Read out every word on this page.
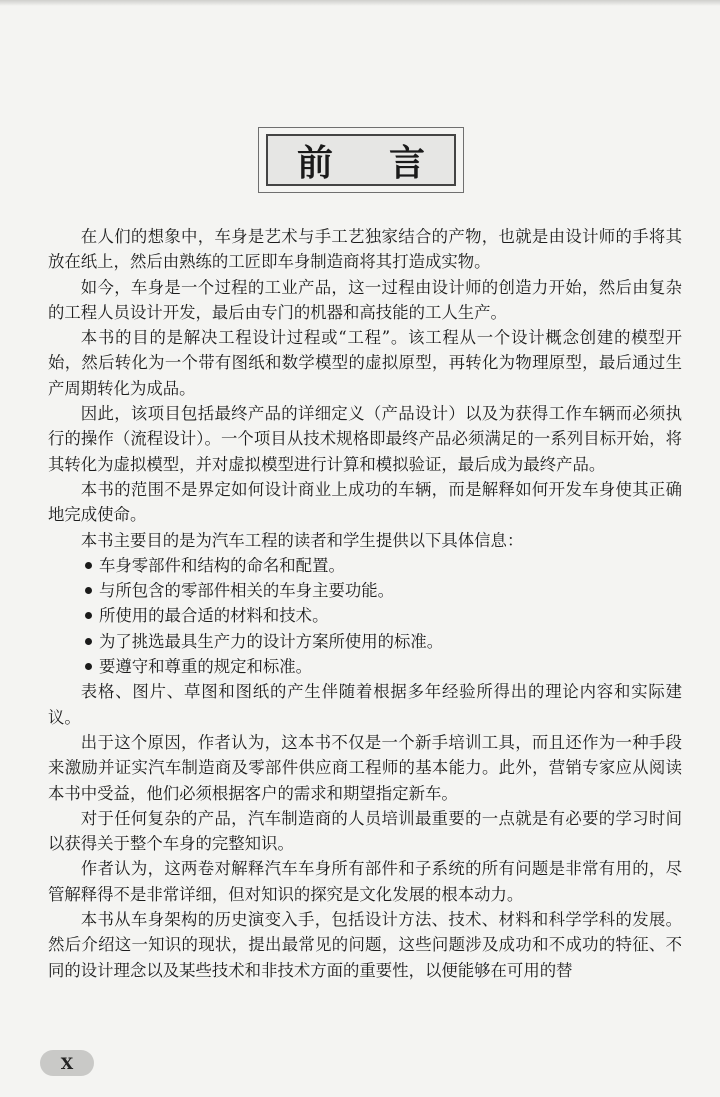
前言

在人们的想象中，车身是艺术与手工艺独家结合的产物，也就是由设计师的手将其放在纸上，然后由熟练的工匠即车身制造商将其打造成实物。

如今，车身是一个过程的工业产品，这一过程由设计师的创造力开始，然后由复杂的工程人员设计开发，最后由专门的机器和高技能的工人生产。

本书的目的是解决工程设计过程或“工程”。该工程从一个设计概念创建的模型开始，然后转化为一个带有图纸和数学模型的虚拟原型，再转化为物理原型，最后通过生产周期转化为成品。

因此，该项目包括最终产品的详细定义（产品设计）以及为获得工作车辆而必须执行的操作（流程设计）。一个项目从技术规格即最终产品必须满足的一系列目标开始，将其转化为虚拟模型，并对虚拟模型进行计算和模拟验证，最后成为最终产品。

本书的范围不是界定如何设计商业上成功的车辆，而是解释如何开发车身使其正确地完成使命。

本书主要目的是为汽车工程的读者和学生提供以下具体信息：

车身零部件和结构的命名和配置。
与所包含的零部件相关的车身主要功能。
所使用的最合适的材料和技术。
为了挑选最具生产力的设计方案所使用的标准。
要遵守和尊重的规定和标准。

表格、图片、草图和图纸的产生伴随着根据多年经验所得出的理论内容和实际建议。

出于这个原因，作者认为，这本书不仅是一个新手培训工具，而且还作为一种手段来激励并证实汽车制造商及零部件供应商工程师的基本能力。此外，营销专家应从阅读本书中受益，他们必须根据客户的需求和期望指定新车。

对于任何复杂的产品，汽车制造商的人员培训最重要的一点就是有必要的学习时间以获得关于整个车身的完整知识。

作者认为，这两卷对解释汽车车身所有部件和子系统的所有问题是非常有用的，尽管解释得不是非常详细，但对知识的探究是文化发展的根本动力。

本书从车身架构的历史演变入手，包括设计方法、技术、材料和科学学科的发展。然后介绍这一知识的现状，提出最常见的问题，这些问题涉及成功和不成功的特征、不同的设计理念以及某些技术和非技术方面的重要性，以便能够在可用的替

X
